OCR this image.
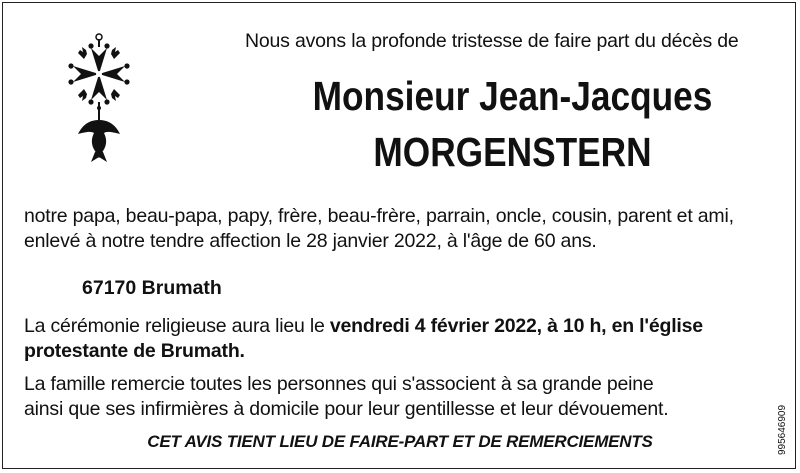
Nous avons la profonde tristesse de faire part du décès de
Monsieur Jean-Jacques
MORGENSTERN
notre papa, beau-papa, papy, frère, beau-frère, parrain, oncle, cousin, parent et ami,
enlevé à notre tendre affection le 28 janvier 2022, à l'âge de 60 ans.
67170 Brumath
La cérémonie religieuse aura lieu le vendredi 4 février 2022, à 10 h, en l'église
protestante de Brumath.
La famille remercie toutes les personnes qui s'associent à sa grande peine
ainsi que ses infirmières à domicile pour leur gentillesse et leur dévouement.
CET AVIS TIENT LIEU DE FAIRE-PART ET DE REMERCIEMENTS	995646909
